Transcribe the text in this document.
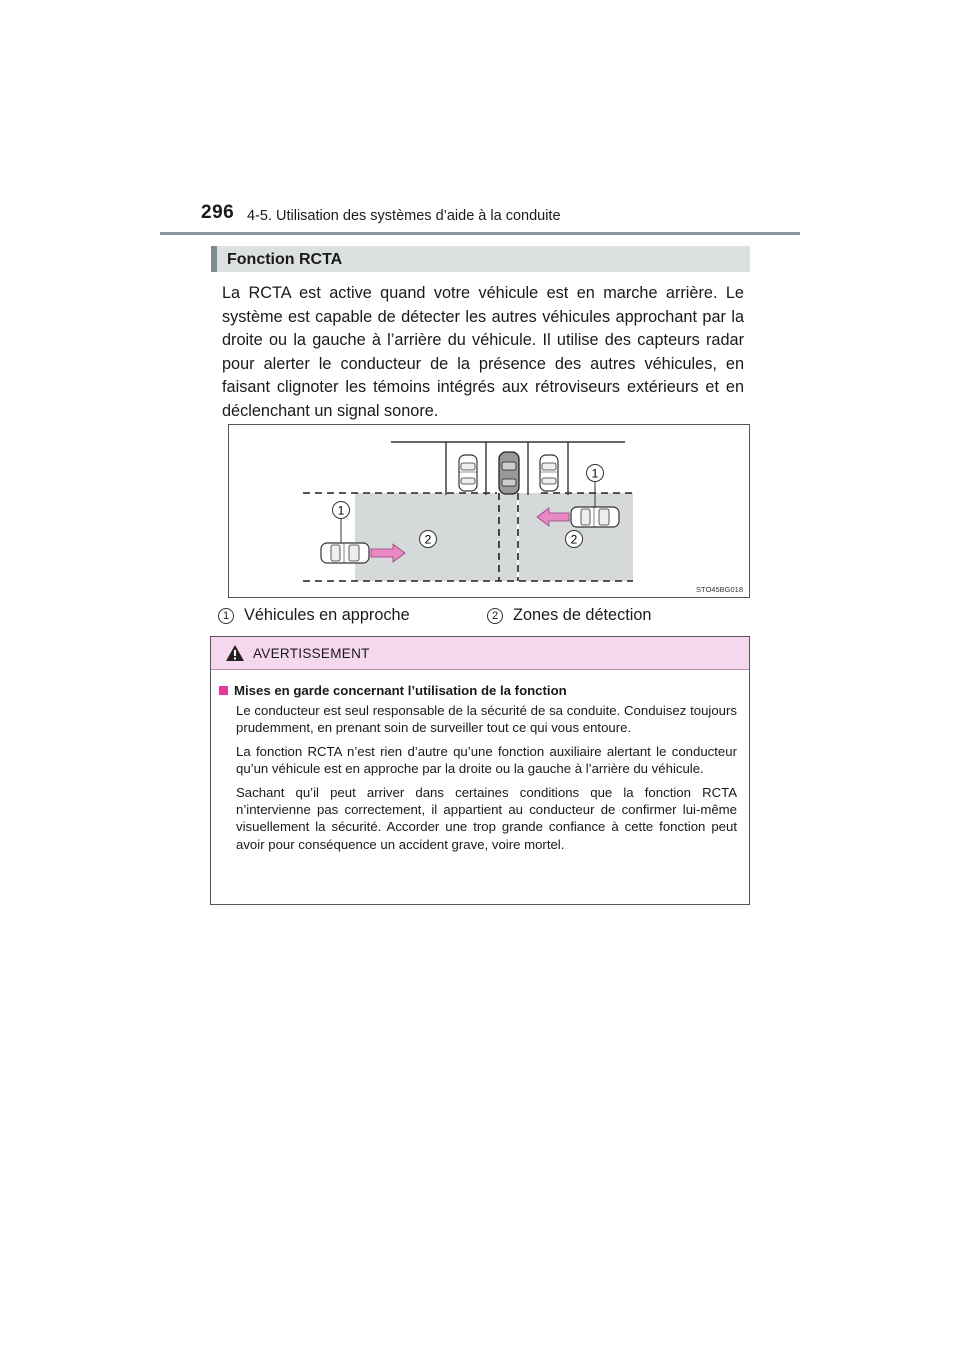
296 4-5. Utilisation des systèmes d’aide à la conduite
Fonction RCTA

La RCTA est active quand votre véhicule est en marche arrière. Le système est capable de détecter les autres véhicules approchant par la droite ou la gauche à l’arrière du véhicule. Il utilise des capteurs radar pour alerter le conducteur de la présence des autres véhicules, en faisant clignoter les témoins intégrés aux rétroviseurs extérieurs et en déclenchant un signal sonore.

1
1
2	2
STO45BG018
1 Véhicules en approche	2 Zones de détection
AVERTISSEMENT
Mises en garde concernant l’utilisation de la fonction

Le conducteur est seul responsable de la sécurité de sa conduite. Conduisez toujours prudemment, en prenant soin de surveiller tout ce qui vous entoure.

La fonction RCTA n’est rien d’autre qu’une fonction auxiliaire alertant le conducteur qu’un véhicule est en approche par la droite ou la gauche à l’arrière du véhicule.

Sachant qu’il peut arriver dans certaines conditions que la fonction RCTA n’intervienne pas correctement, il appartient au conducteur de confirmer lui-même visuellement la sécurité. Accorder une trop grande confiance à cette fonction peut avoir pour conséquence un accident grave, voire mortel.
